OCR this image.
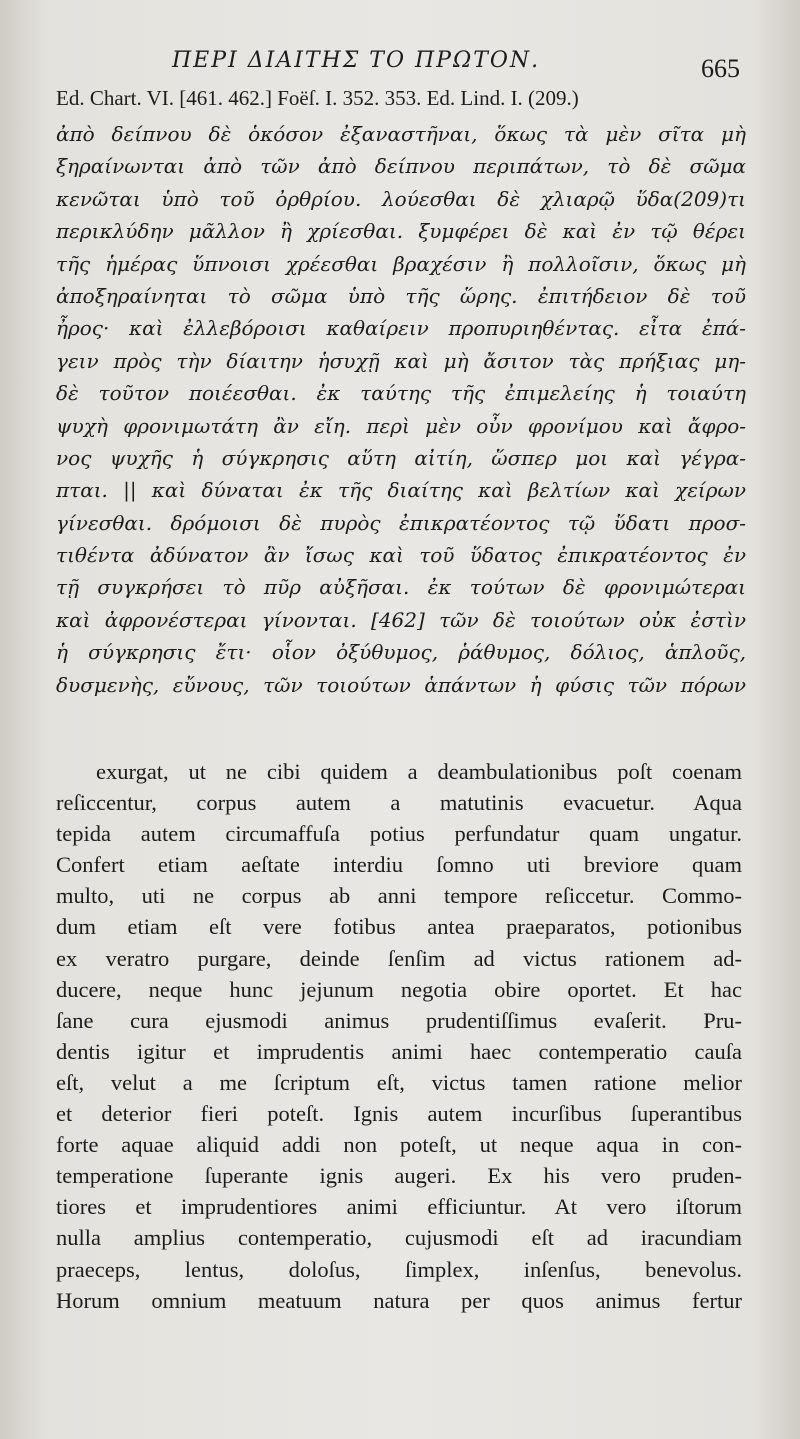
ΠΕΡΙ ΔΙΑΙΤΗΣ ΤΟ ΠΡΩΤΟΝ.	665
Ed. Chart. VI. [461. 462.] Foëſ. I. 352. 353. Ed. Lind. I. (209.)
ἀπὸ δείπνου δὲ ὁκόσον ἐξαναστῆναι, ὅκως τὰ μὲν σῖτα μὴ
ξηραίνωνται ἀπὸ τῶν ἀπὸ δείπνου περιπάτων, τὸ δὲ σῶμα
κενῶται ὑπὸ τοῦ ὀρθρίου. λούεσθαι δὲ χλιαρῷ ὕδα(209)τι
περικλύδην μᾶλλον ἢ χρίεσθαι. ξυμφέρει δὲ καὶ ἐν τῷ θέρει
τῆς ἡμέρας ὕπνοισι χρέεσθαι βραχέσιν ἢ πολλοῖσιν, ὅκως μὴ
ἀποξηραίνηται τὸ σῶμα ὑπὸ τῆς ὥρης. ἐπιτήδειον δὲ τοῦ
ἦρος· καὶ ἐλλεβόροισι καθαίρειν προπυριηθέντας. εἶτα ἐπά-
γειν πρὸς τὴν δίαιτην ἡσυχῇ καὶ μὴ ἄσιτον τὰς πρήξιας μη-
δὲ τοῦτον ποιέεσθαι. ἐκ ταύτης τῆς ἐπιμελείης ἡ τοιαύτη
ψυχὴ φρονιμωτάτη ἂν εἴη. περὶ μὲν οὖν φρονίμου καὶ ἄφρο-
νος ψυχῆς ἡ σύγκρησις αὕτη αἰτίη, ὥσπερ μοι καὶ γέγρα-
πται. || καὶ δύναται ἐκ τῆς διαίτης καὶ βελτίων καὶ χείρων
γίνεσθαι. δρόμοισι δὲ πυρὸς ἐπικρατέοντος τῷ ὕδατι προσ-
τιθέντα ἀδύνατον ἂν ἴσως καὶ τοῦ ὕδατος ἐπικρατέοντος ἐν
τῇ συγκρήσει τὸ πῦρ αὐξῆσαι. ἐκ τούτων δὲ φρονιμώτεραι
καὶ ἀφρονέστεραι γίνονται. [462] τῶν δὲ τοιούτων οὐκ ἐστὶν
ἡ σύγκρησις ἔτι· οἷον ὀξύθυμος, ῥάθυμος, δόλιος, ἁπλοῦς,
δυσμενὴς, εὔνους, τῶν τοιούτων ἁπάντων ἡ φύσις τῶν πόρων
exurgat, ut ne cibi quidem a deambulationibus poſt coenam
reſiccentur, corpus autem a matutinis evacuetur. Aqua
tepida autem circumaffuſa potius perfundatur quam ungatur.
Confert etiam aeſtate interdiu ſomno uti breviore quam
multo, uti ne corpus ab anni tempore reſiccetur. Commo-
dum etiam eſt vere fotibus antea praeparatos, potionibus
ex veratro purgare, deinde ſenſim ad victus rationem ad-
ducere, neque hunc jejunum negotia obire oportet. Et hac
ſane cura ejusmodi animus prudentiſſimus evaſerit. Pru-
dentis igitur et imprudentis animi haec contemperatio cauſa
eſt, velut a me ſcriptum eſt, victus tamen ratione melior
et deterior fieri poteſt. Ignis autem incurſibus ſuperantibus
forte aquae aliquid addi non poteſt, ut neque aqua in con-
temperatione ſuperante ignis augeri. Ex his vero pruden-
tiores et imprudentiores animi efficiuntur. At vero iſtorum
nulla amplius contemperatio, cujusmodi eſt ad iracundiam
praeceps, lentus, doloſus, ſimplex, inſenſus, benevolus.
Horum omnium meatuum natura per quos animus fertur
